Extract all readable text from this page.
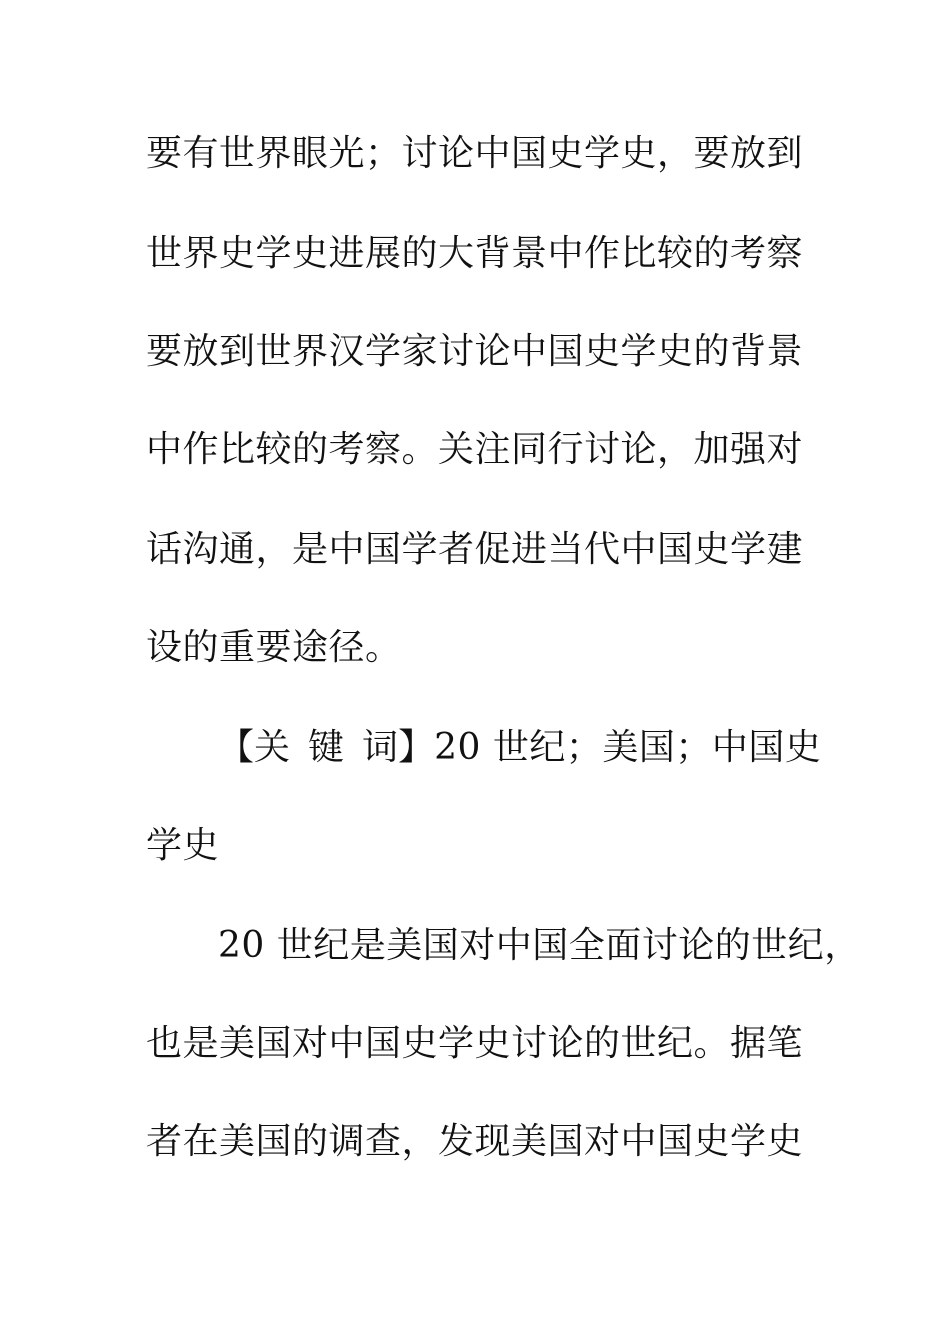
要有世界眼光；讨论中国史学史，要放到
世界史学史进展的大背景中作比较的考察
要放到世界汉学家讨论中国史学史的背景
中作比较的考察。关注同行讨论，加强对
话沟通，是中国学者促进当代中国史学建
设的重要途径。
【关 键 词】20 世纪；美国；中国史
学史
20 世纪是美国对中国全面讨论的世纪，
也是美国对中国史学史讨论的世纪。据笔
者在美国的调查，发现美国对中国史学史
